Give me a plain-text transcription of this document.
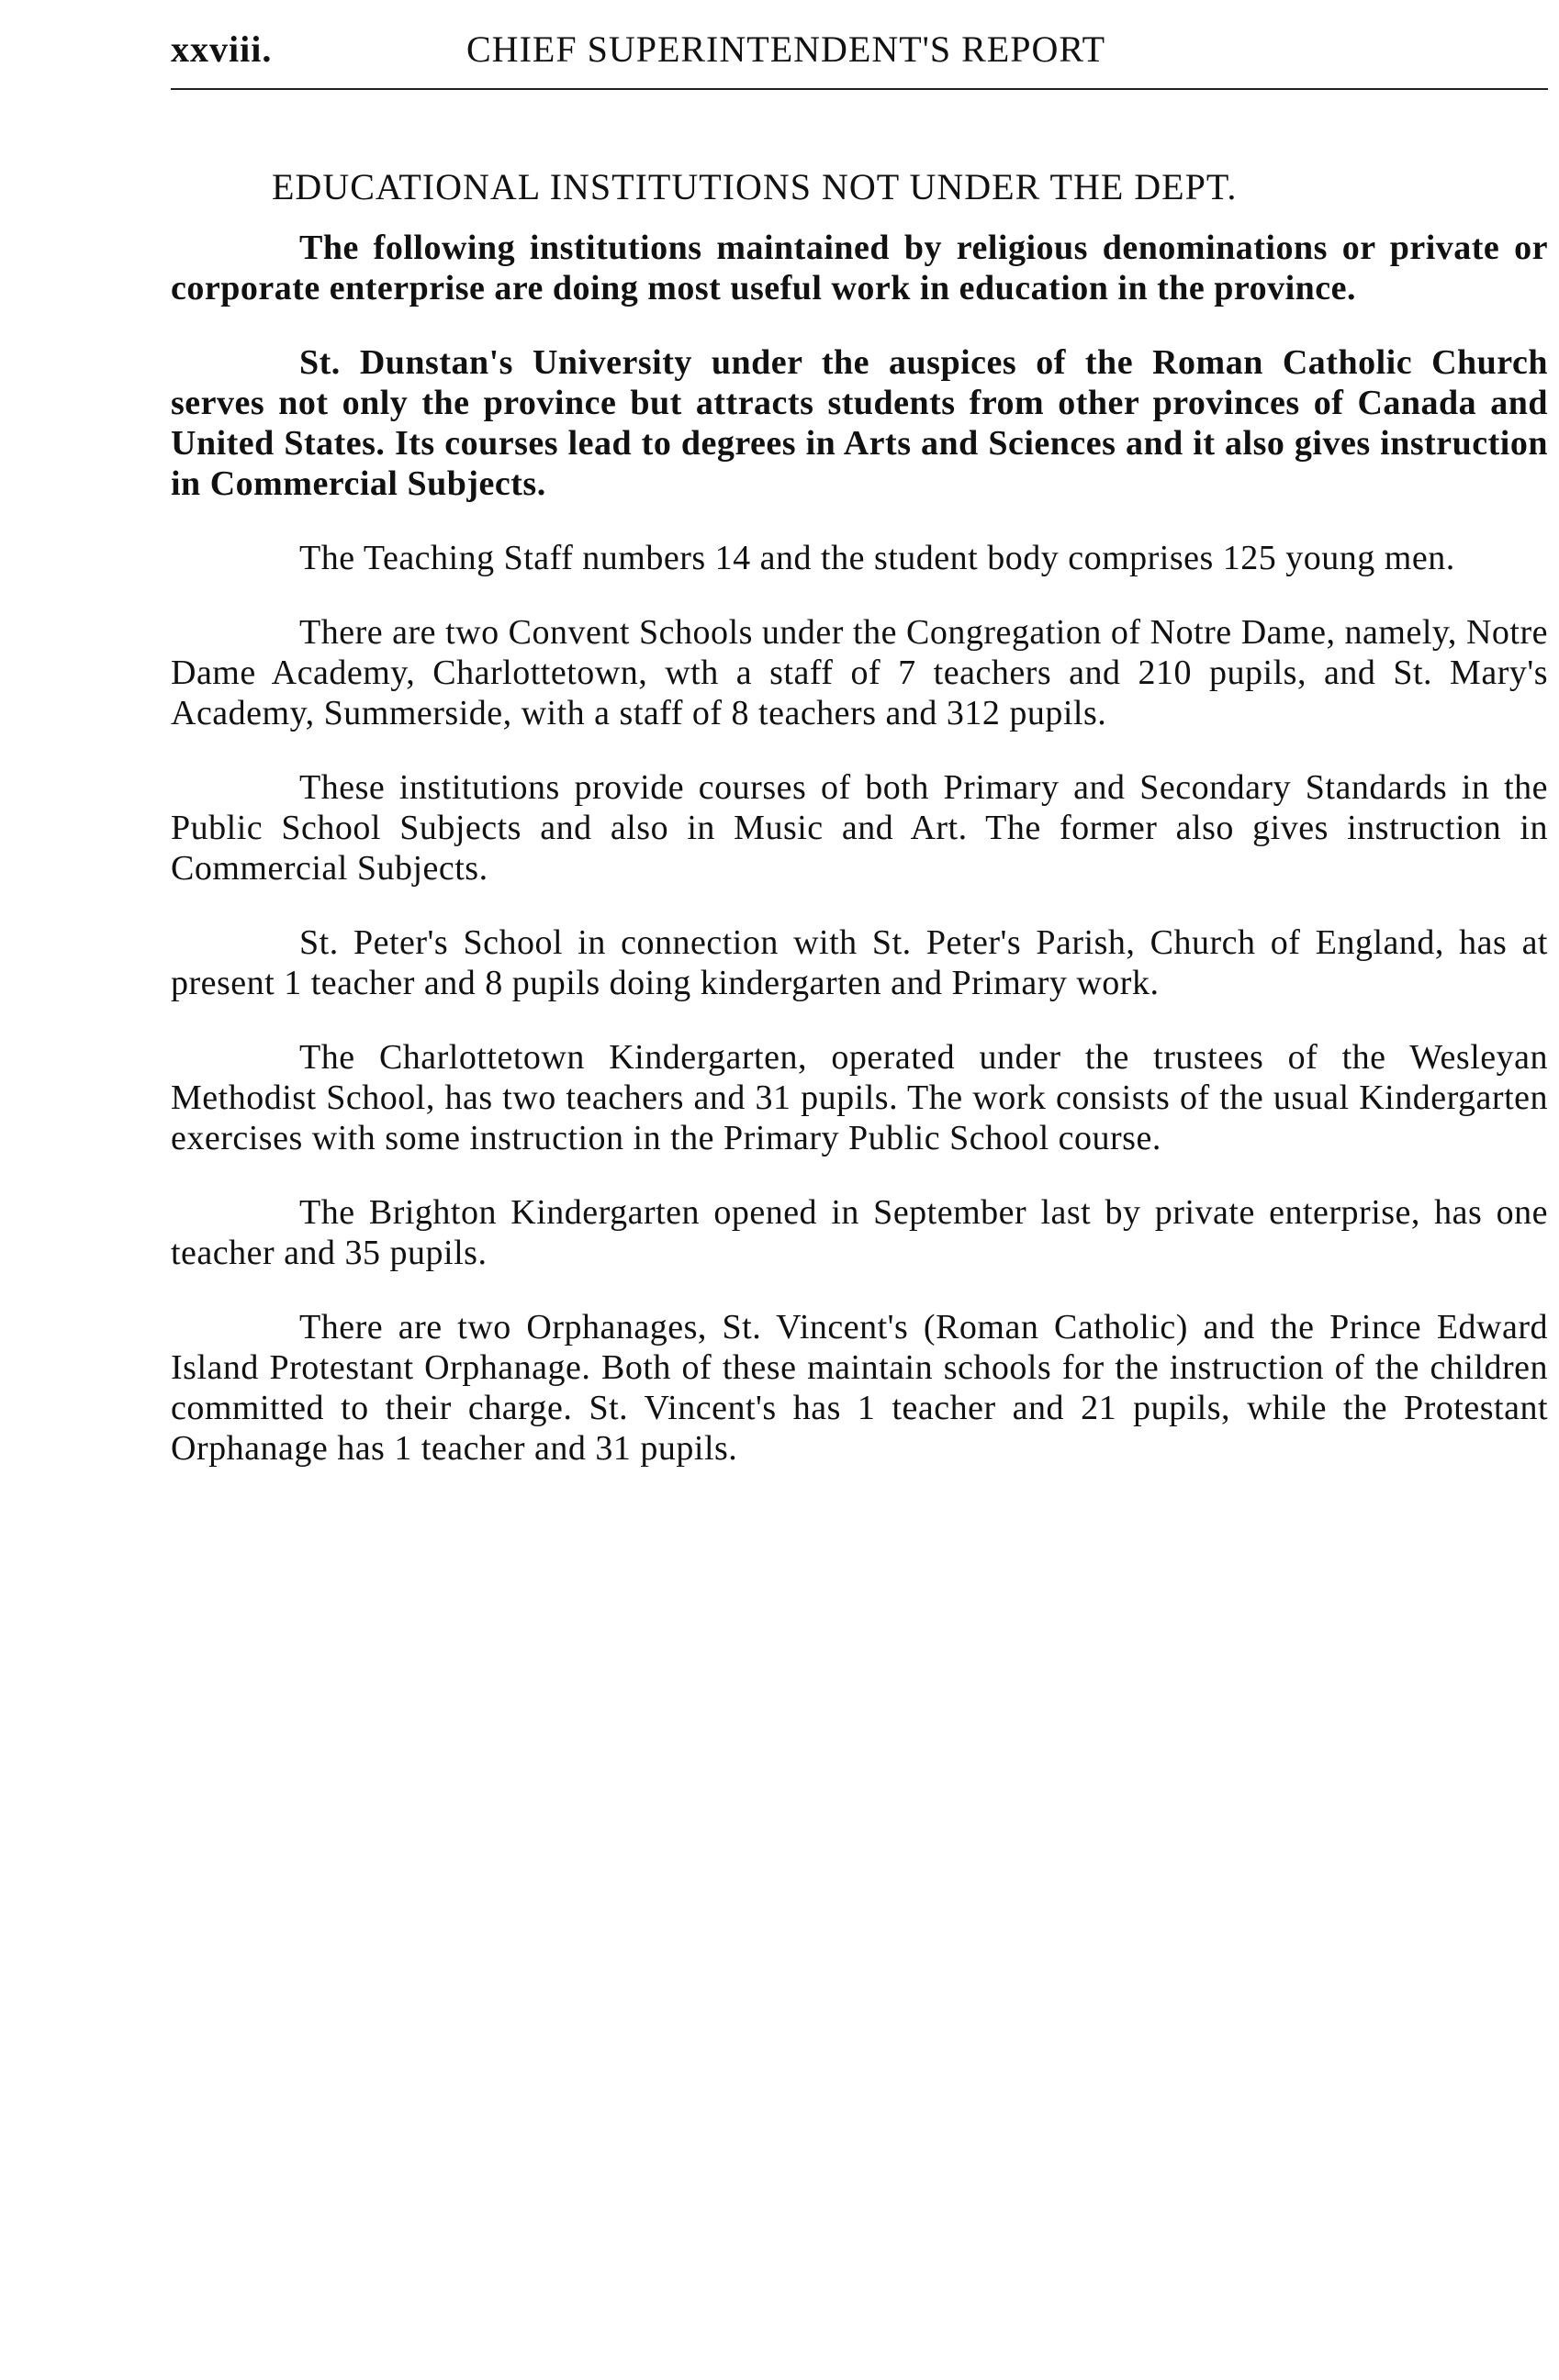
xxviii.	CHIEF SUPERINTENDENT'S REPORT
EDUCATIONAL INSTITUTIONS NOT UNDER THE DEPT.

The following institutions maintained by religious denominations or private or corporate enterprise are doing most useful work in education in the province.

St. Dunstan's University under the auspices of the Roman Catholic Church serves not only the province but attracts students from other provinces of Canada and United States. Its courses lead to degrees in Arts and Sciences and it also gives instruction in Commercial Subjects.

The Teaching Staff numbers 14 and the student body comprises 125 young men.

There are two Convent Schools under the Congregation of Notre Dame, namely, Notre Dame Academy, Charlottetown, wth a staff of 7 teachers and 210 pupils, and St. Mary's Academy, Summerside, with a staff of 8 teachers and 312 pupils.

These institutions provide courses of both Primary and Secondary Standards in the Public School Subjects and also in Music and Art. The former also gives instruction in Commercial Subjects.

St. Peter's School in connection with St. Peter's Parish, Church of England, has at present 1 teacher and 8 pupils doing kindergarten and Primary work.

The Charlottetown Kindergarten, operated under the trustees of the Wesleyan Methodist School, has two teachers and 31 pupils. The work consists of the usual Kindergarten exercises with some instruction in the Primary Public School course.

The Brighton Kindergarten opened in September last by private enterprise, has one teacher and 35 pupils.

There are two Orphanages, St. Vincent's (Roman Catholic) and the Prince Edward Island Protestant Orphanage. Both of these maintain schools for the instruction of the children committed to their charge. St. Vincent's has 1 teacher and 21 pupils, while the Protestant Orphanage has 1 teacher and 31 pupils.
